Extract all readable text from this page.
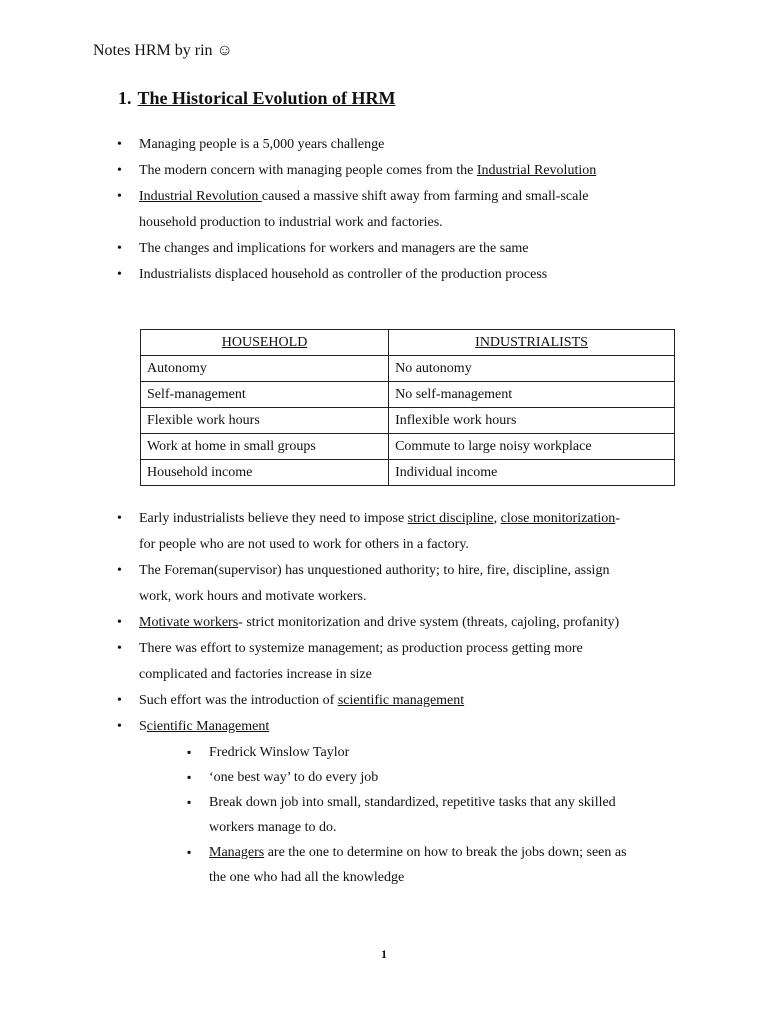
Notes HRM by rin ☺
1. The Historical Evolution of HRM
• Managing people is a 5,000 years challenge
• The modern concern with managing people comes from the Industrial Revolution

• Industrial Revolution caused a massive shift away from farming and small-scale

household production to industrial work and factories.

• The changes and implications for workers and managers are the same
• Industrialists displaced household as controller of the production process
HOUSEHOLD	INDUSTRIALISTS
Autonomy	No autonomy
Self-management	No self-management
Flexible work hours	Inflexible work hours
Work at home in small groups	Commute to large noisy workplace
Household income	Individual income

• Early industrialists believe they need to impose strict discipline, close monitorization-

for people who are not used to work for others in a factory.

• The Foreman(supervisor) has unquestioned authority; to hire, fire, discipline, assign

work, work hours and motivate workers.

• Motivate workers- strict monitorization and drive system (threats, cajoling, profanity)

• There was effort to systemize management; as production process getting more

complicated and factories increase in size

• Such effort was the introduction of scientific management
• Scientific Management
▪ Fredrick Winslow Taylor
▪ ‘one best way’ to do every job

▪ Break down job into small, standardized, repetitive tasks that any skilled

workers manage to do.

▪ Managers are the one to determine on how to break the jobs down; seen as

the one who had all the knowledge

1
